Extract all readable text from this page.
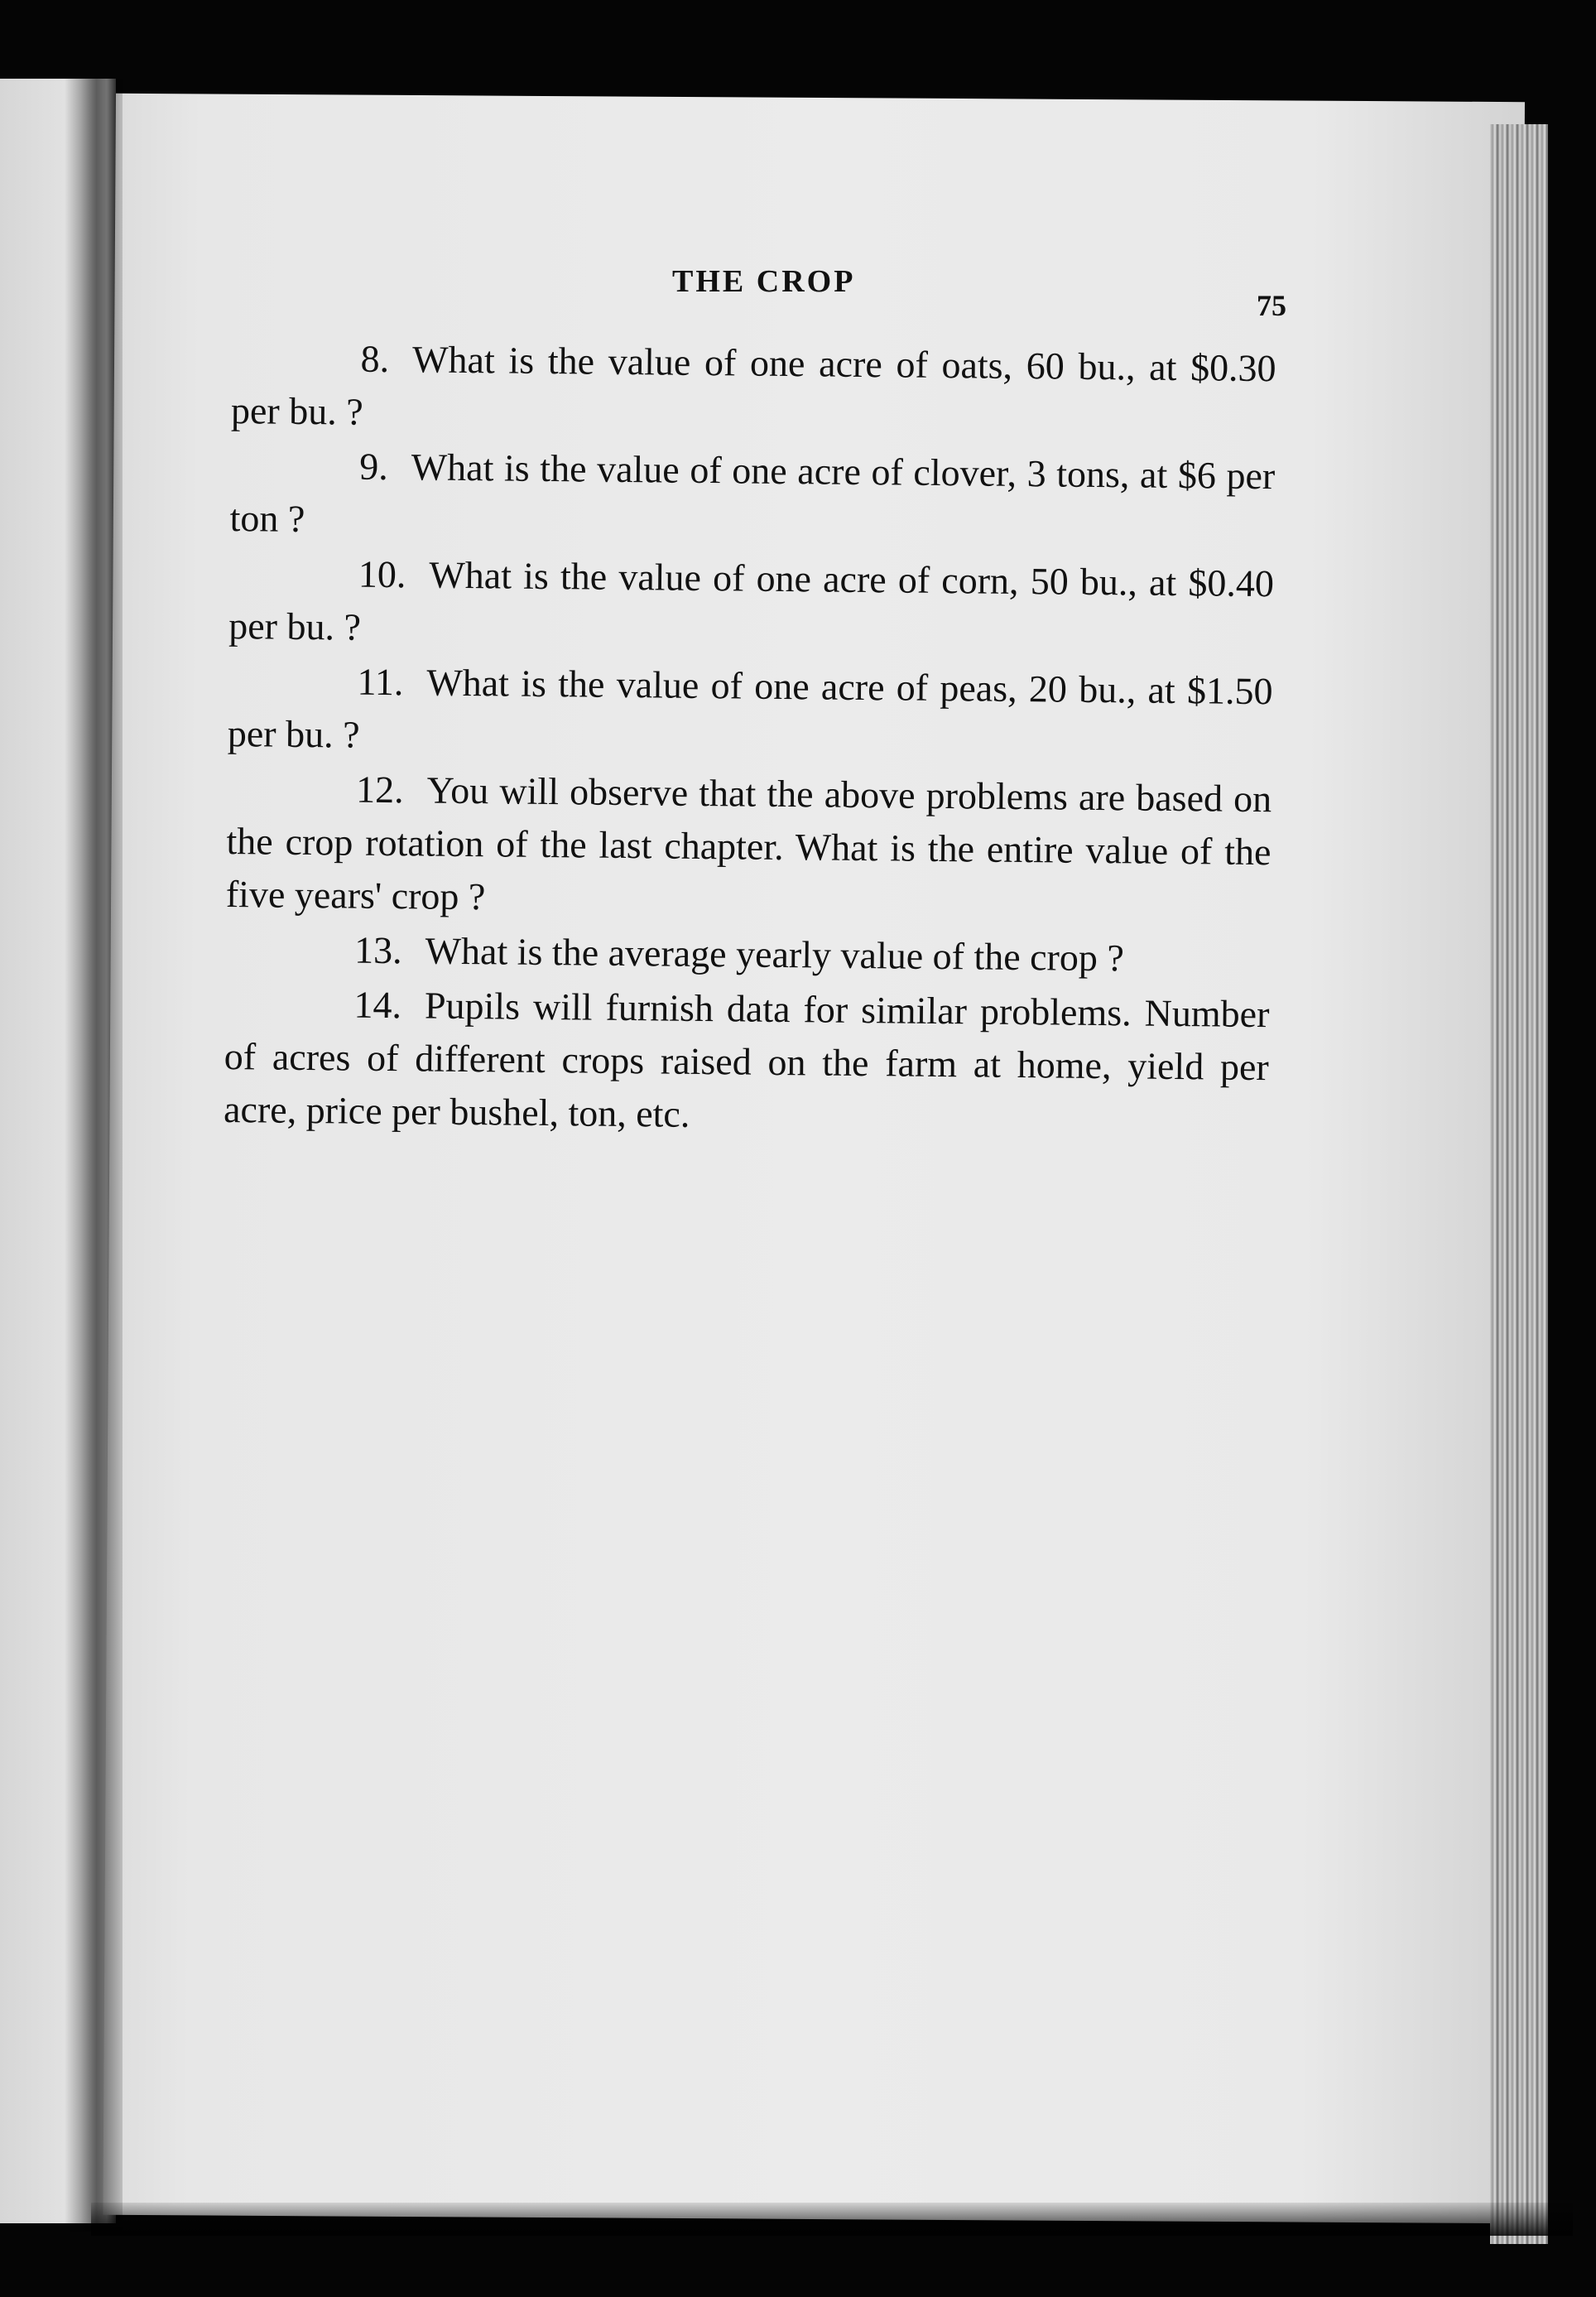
THE CROP
75

8. What is the value of one acre of oats, 60 bu., at $0.30 per bu. ?

9. What is the value of one acre of clover, 3 tons, at $6 per ton ?

10. What is the value of one acre of corn, 50 bu., at $0.40 per bu. ?

11. What is the value of one acre of peas, 20 bu., at $1.50 per bu. ?

12. You will observe that the above problems are based on the crop rotation of the last chapter. What is the entire value of the five years' crop ?

13. What is the average yearly value of the crop ?

14. Pupils will furnish data for similar problems. Number of acres of different crops raised on the farm at home, yield per acre, price per bushel, ton, etc.
